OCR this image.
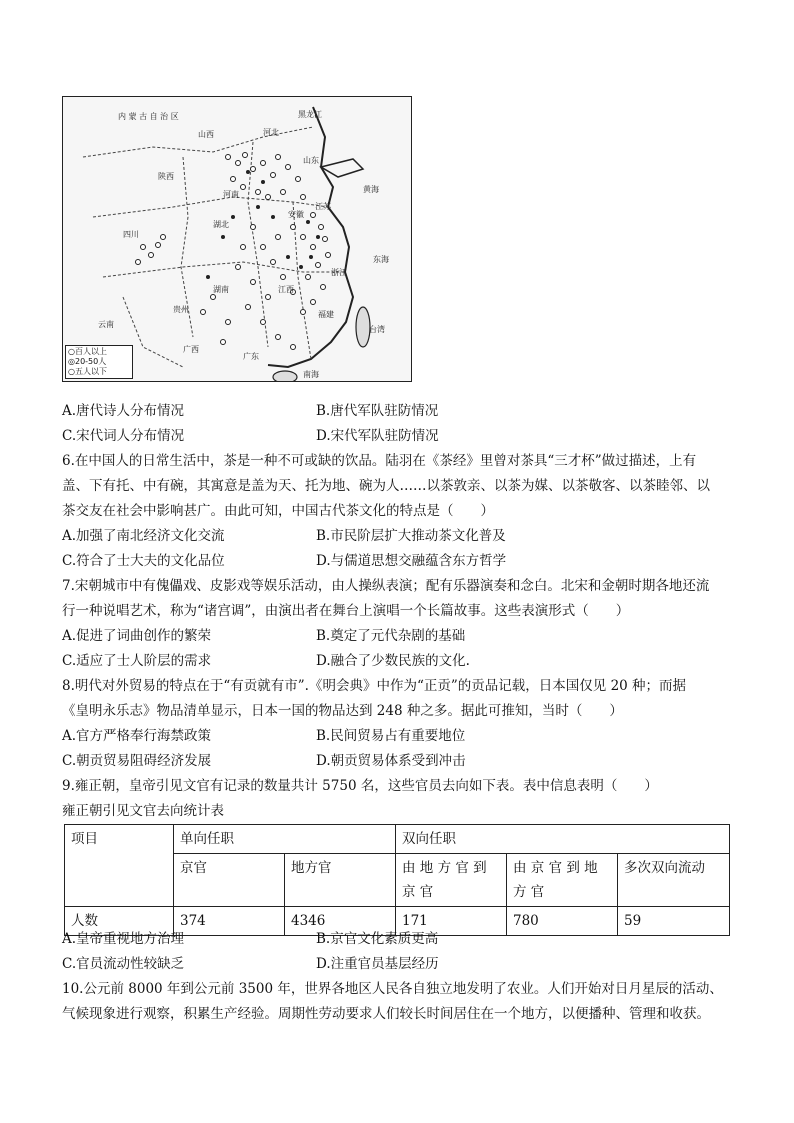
内 蒙 古 自 治 区	黑龙江
山西	河北
陕西
河南
山东
江苏
安徽
浙江
江西
湖北
湖南
四川
贵州
云南
广西
广东
福建
台湾
黄海
东海
南海
○百人以上
◎20-50人
○五人以下
A.唐代诗人分布情况	B.唐代军队驻防情况
C.宋代词人分布情况	D.宋代军队驻防情况
6.在中国人的日常生活中，茶是一种不可或缺的饮品。陆羽在《茶经》里曾对茶具“三才杯”做过描述，上有
盖、下有托、中有碗，其寓意是盖为天、托为地、碗为人……以茶敦亲、以茶为媒、以茶敬客、以茶睦邻、以
茶交友在社会中影响甚广。由此可知，中国古代茶文化的特点是（　　）
A.加强了南北经济文化交流	B.市民阶层扩大推动茶文化普及
C.符合了士大夫的文化品位	D.与儒道思想交融蕴含东方哲学
7.宋朝城市中有傀儡戏、皮影戏等娱乐活动，由人操纵表演；配有乐器演奏和念白。北宋和金朝时期各地还流
行一种说唱艺术，称为“诸宫调”，由演出者在舞台上演唱一个长篇故事。这些表演形式（　　）
A.促进了词曲创作的繁荣	B.奠定了元代杂剧的基础
C.适应了士人阶层的需求	D.融合了少数民族的文化.
8.明代对外贸易的特点在于“有贡就有市”.《明会典》中作为“正贡”的贡品记载，日本国仅见 20 种；而据
《皇明永乐志》物品清单显示，日本一国的物品达到 248 种之多。据此可推知，当时（　　）
A.官方严格奉行海禁政策	B.民间贸易占有重要地位
C.朝贡贸易阻碍经济发展	D.朝贡贸易体系受到冲击
9.雍正朝，皇帝引见文官有记录的数量共计 5750 名，这些官员去向如下表。表中信息表明（　　）
雍正朝引见文官去向统计表
项目	单向任职		双向任职		
	京官	地方官	由 地 方 官 到 京 官	由 京 官 到 地 方 官	多次双向流动
人数	374	4346	171	780	59
A.皇帝重视地方治理	B.京官文化素质更高
C.官员流动性较缺乏	D.注重官员基层经历
10.公元前 8000 年到公元前 3500 年，世界各地区人民各自独立地发明了农业。人们开始对日月星辰的活动、
气候现象进行观察，积累生产经验。周期性劳动要求人们较长时间居住在一个地方，以便播种、管理和收获。
